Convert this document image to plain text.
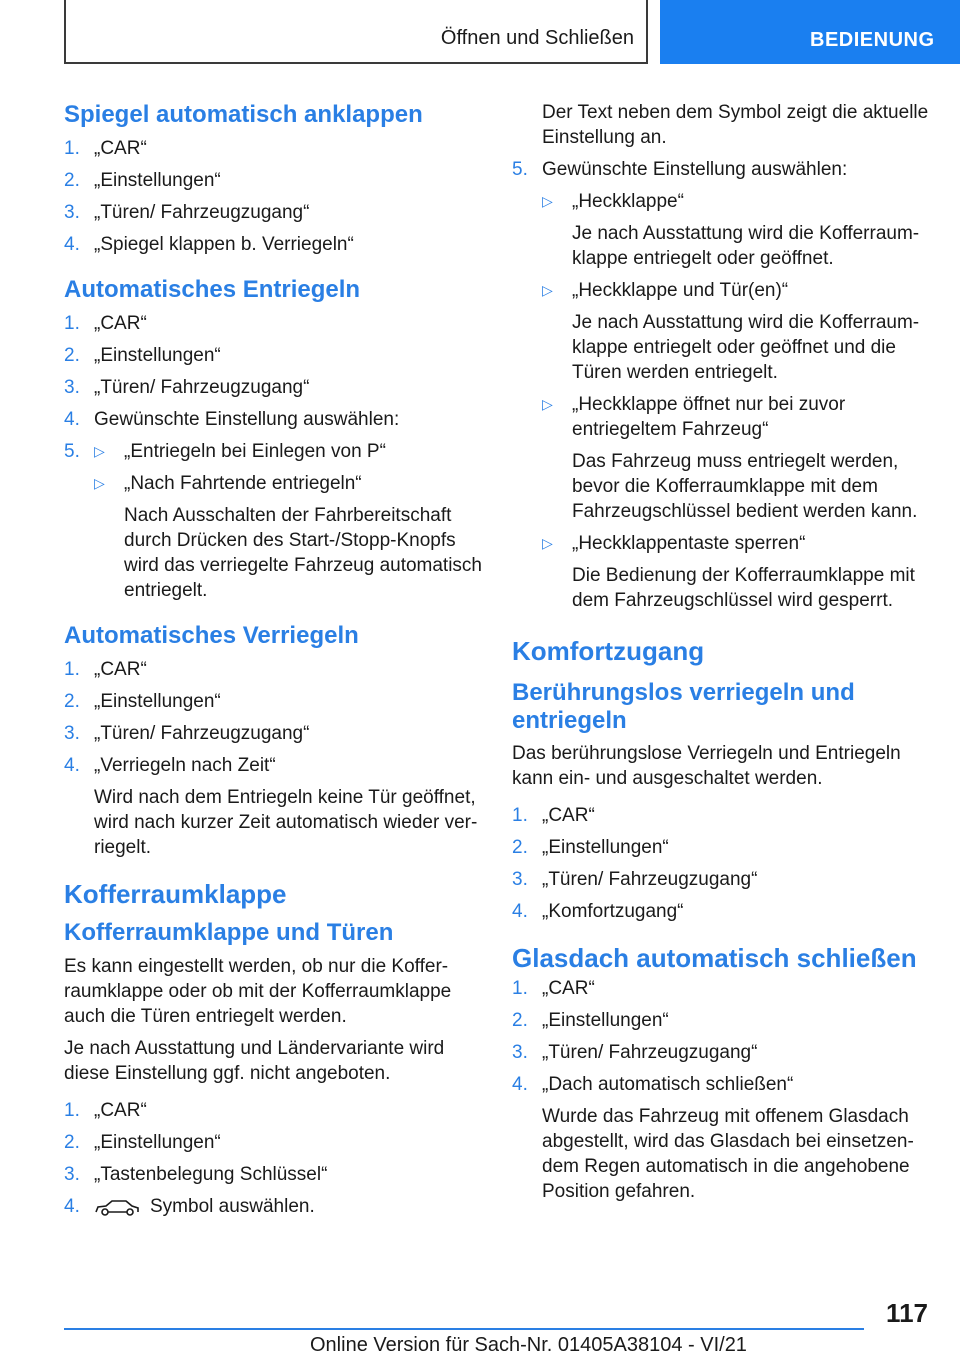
Öffnen und Schließen	BEDIENUNG
Spiegel automatisch anklappen
1. „CAR“
2. „Einstellungen“
3. „Türen/ Fahrzeugzugang“
4. „Spiegel klappen b. Verriegeln“
Automatisches Entriegeln
1. „CAR“
2. „Einstellungen“
3. „Türen/ Fahrzeugzugang“
4. Gewünschte Einstellung auswählen:
5.	▷	„Entriegeln bei Einlegen von P“
▷	„Nach Fahrtende entriegeln“

Nach Ausschalten der Fahrbereitschaft durch Drücken des Start-/Stopp-Knopfs wird das verriegelte Fahrzeug automatisch entriegelt.

Automatisches Verriegeln
1. „CAR“
2. „Einstellungen“
3. „Türen/ Fahrzeugzugang“
4. „Verriegeln nach Zeit“

Wird nach dem Entriegeln keine Tür geöffnet, wird nach kurzer Zeit automatisch wieder verriegelt.

Kofferraumklappe
Kofferraumklappe und Türen

Es kann eingestellt werden, ob nur die Kofferraumklappe oder ob mit der Kofferraumklappe auch die Türen entriegelt werden.

Je nach Ausstattung und Ländervariante wird diese Einstellung ggf. nicht angeboten.

1. „CAR“
2. „Einstellungen“
3. „Tastenbelegung Schlüssel“
4.	Symbol auswählen.

Der Text neben dem Symbol zeigt die aktuelle Einstellung an.

5. Gewünschte Einstellung auswählen:
▷	„Heckklappe“

Je nach Ausstattung wird die Kofferraumklappe entriegelt oder geöffnet.

▷	„Heckklappe und Tür(en)“

Je nach Ausstattung wird die Kofferraumklappe entriegelt oder geöffnet und die Türen werden entriegelt.

▷	„Heckklappe öffnet nur bei zuvor entriegeltem Fahrzeug“

Das Fahrzeug muss entriegelt werden, bevor die Kofferraumklappe mit dem Fahrzeugschlüssel bedient werden kann.

▷	„Heckklappentaste sperren“

Die Bedienung der Kofferraumklappe mit dem Fahrzeugschlüssel wird gesperrt.

Komfortzugang
Berührungslos verriegeln und entriegeln

Das berührungslose Verriegeln und Entriegeln kann ein- und ausgeschaltet werden.

1. „CAR“
2. „Einstellungen“
3. „Türen/ Fahrzeugzugang“
4. „Komfortzugang“
Glasdach automatisch schließen
1. „CAR“
2. „Einstellungen“
3. „Türen/ Fahrzeugzugang“
4. „Dach automatisch schließen“

Wurde das Fahrzeug mit offenem Glasdach abgestellt, wird das Glasdach bei einsetzendem Regen automatisch in die angehobene Position gefahren.

117
Online Version für Sach-Nr. 01405A38104 - VI/21
